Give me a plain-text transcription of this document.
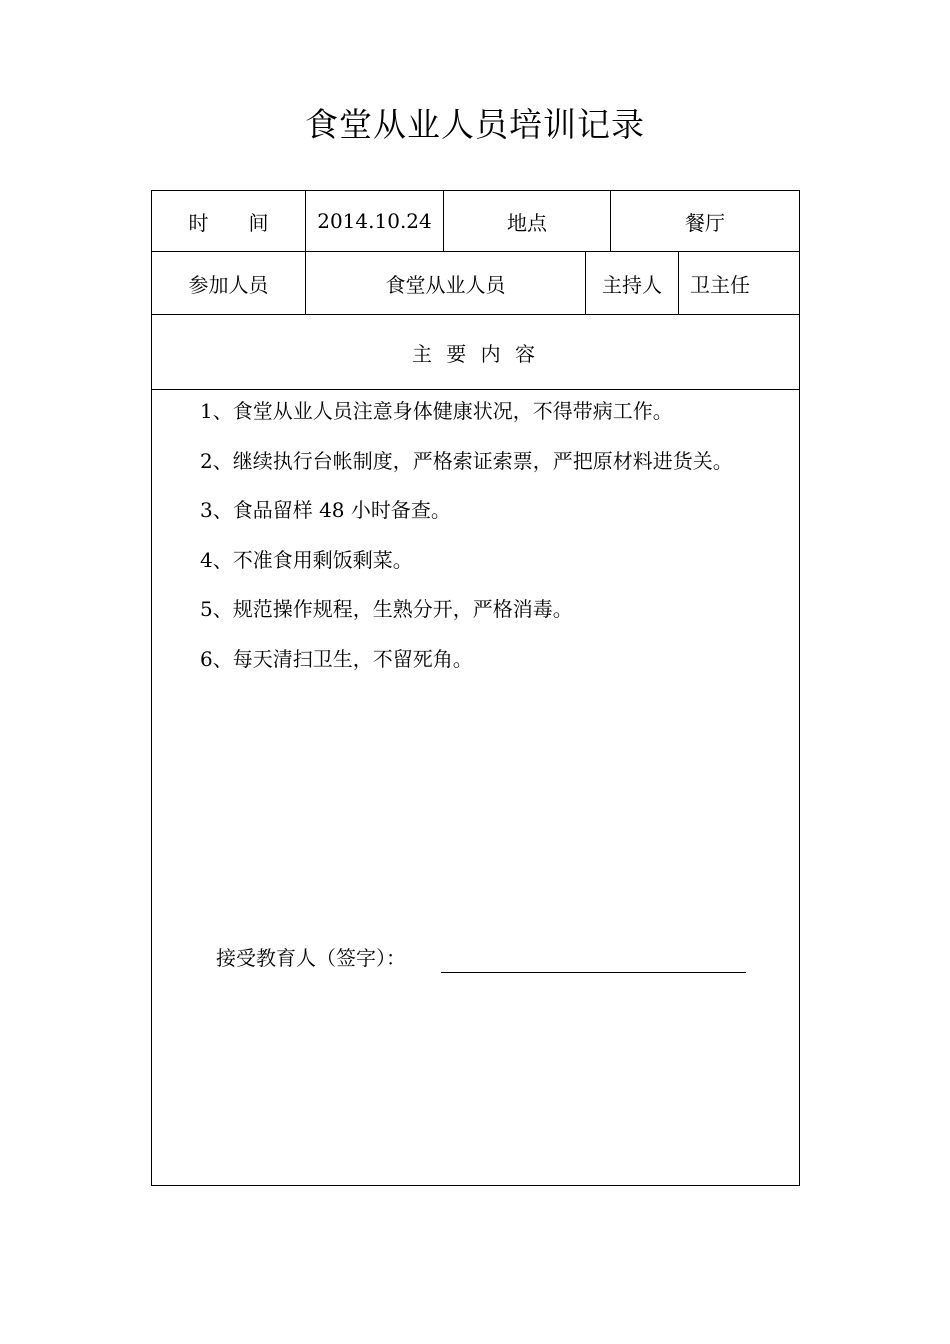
食堂从业人员培训记录
时　　间	2014.10.24	地点	餐厅
参加人员	食堂从业人员	主持人	卫主任
主 要 内 容
1、食堂从业人员注意身体健康状况，不得带病工作。
2、继续执行台帐制度，严格索证索票，严把原材料进货关。
3、食品留样 48 小时备查。
4、不准食用剩饭剩菜。
5、规范操作规程，生熟分开，严格消毒。
6、每天清扫卫生，不留死角。
接受教育人（签字）：
